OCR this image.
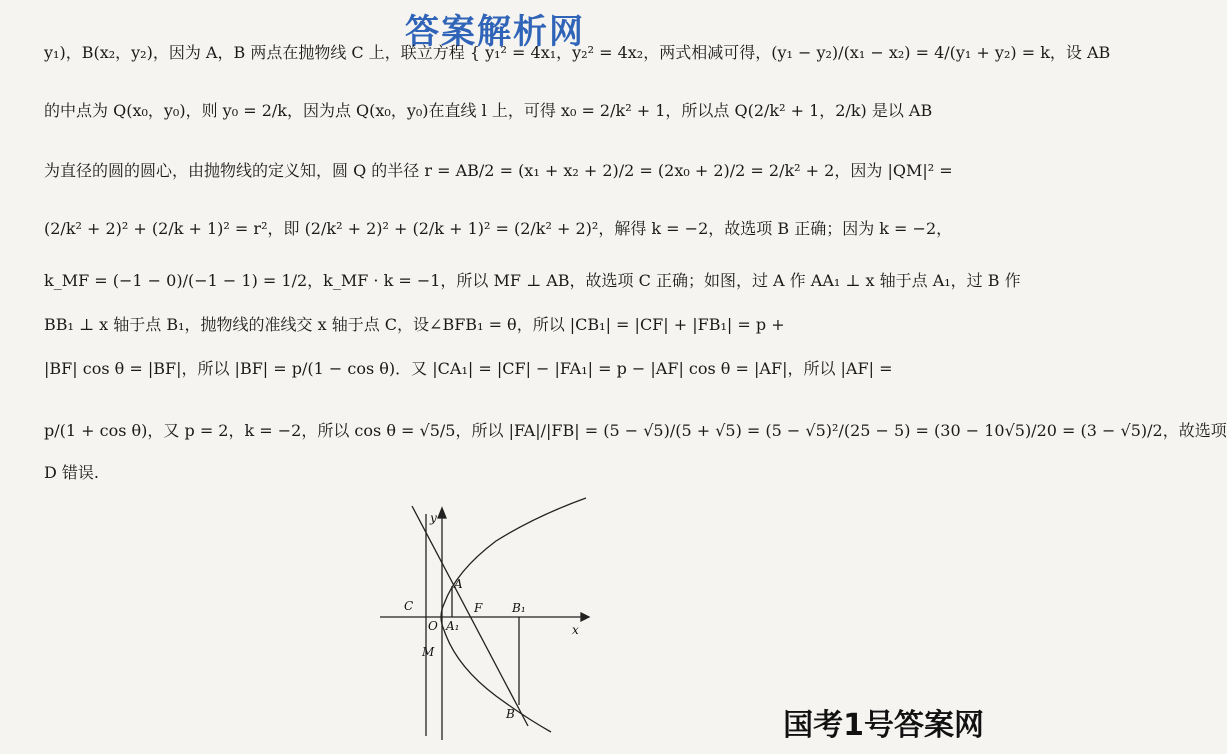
答案解析网
y₁)，B(x₂，y₂)，因为 A，B 两点在抛物线 C 上，联立方程 { y₁² = 4x₁，y₂² = 4x₂，两式相减可得，(y₁ − y₂)/(x₁ − x₂) = 4/(y₁ + y₂) = k，设 AB
的中点为 Q(x₀，y₀)，则 y₀ = 2/k，因为点 Q(x₀，y₀)在直线 l 上，可得 x₀ = 2/k² + 1，所以点 Q(2/k² + 1，2/k) 是以 AB
为直径的圆的圆心，由抛物线的定义知，圆 Q 的半径 r = AB/2 = (x₁ + x₂ + 2)/2 = (2x₀ + 2)/2 = 2/k² + 2，因为 |QM|² =
(2/k² + 2)² + (2/k + 1)² = r²，即 (2/k² + 2)² + (2/k + 1)² = (2/k² + 2)²，解得 k = −2，故选项 B 正确；因为 k = −2，
k_MF = (−1 − 0)/(−1 − 1) = 1/2，k_MF · k = −1，所以 MF ⊥ AB，故选项 C 正确；如图，过 A 作 AA₁ ⊥ x 轴于点 A₁，过 B 作
BB₁ ⊥ x 轴于点 B₁，抛物线的准线交 x 轴于点 C，设∠BFB₁ = θ，所以 |CB₁| = |CF| + |FB₁| = p +
|BF| cos θ = |BF|，所以 |BF| = p/(1 − cos θ)．又 |CA₁| = |CF| − |FA₁| = p − |AF| cos θ = |AF|，所以 |AF| =
p/(1 + cos θ)，又 p = 2，k = −2，所以 cos θ = √5/5，所以 |FA|/|FB| = (5 − √5)/(5 + √5) = (5 − √5)²/(25 − 5) = (30 − 10√5)/20 = (3 − √5)/2，故选项
D 错误.
y
x
A
C	F B₁
O A₁
M
B	国考1号答案网
